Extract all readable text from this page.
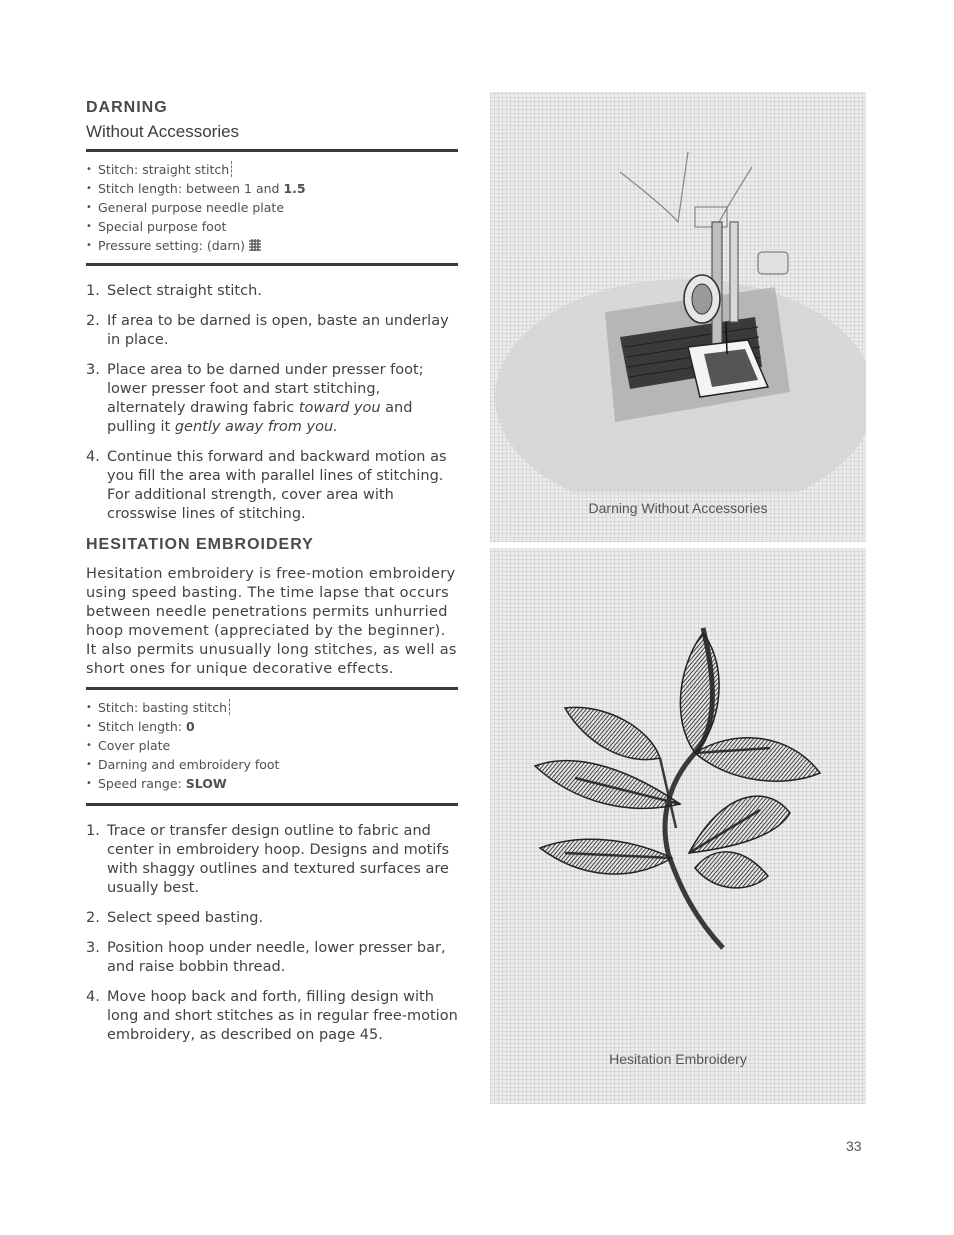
DARNING
Without Accessories
• Stitch: straight stitch
• Stitch length: between 1 and 1.5
• General purpose needle plate
• Special purpose foot
• Pressure setting: (darn)
1. Select straight stitch.
2. If area to be darned is open, baste an underlay in place.
3. Place area to be darned under presser foot; lower presser foot and start stitching, alternately drawing fabric toward you and pulling it gently away from you.
4. Continue this forward and backward motion as you fill the area with parallel lines of stitching. For additional strength, cover area with crosswise lines of stitching.
HESITATION EMBROIDERY

Hesitation embroidery is free-motion embroidery using speed basting. The time lapse that occurs between needle penetrations permits unhurried hoop movement (appreciated by the beginner). It also permits unusually long stitches, as well as short ones for unique decorative effects.

• Stitch: basting stitch
• Stitch length: 0
• Cover plate
• Darning and embroidery foot
• Speed range: SLOW
1. Trace or transfer design outline to fabric and center in embroidery hoop. Designs and motifs with shaggy outlines and textured surfaces are usually best.
2. Select speed basting.
3. Position hoop under needle, lower presser bar, and raise bobbin thread.
4. Move hoop back and forth, filling design with long and short stitches as in regular free-motion embroidery, as described on page 45.
Darning Without Accessories
Hesitation Embroidery
33
